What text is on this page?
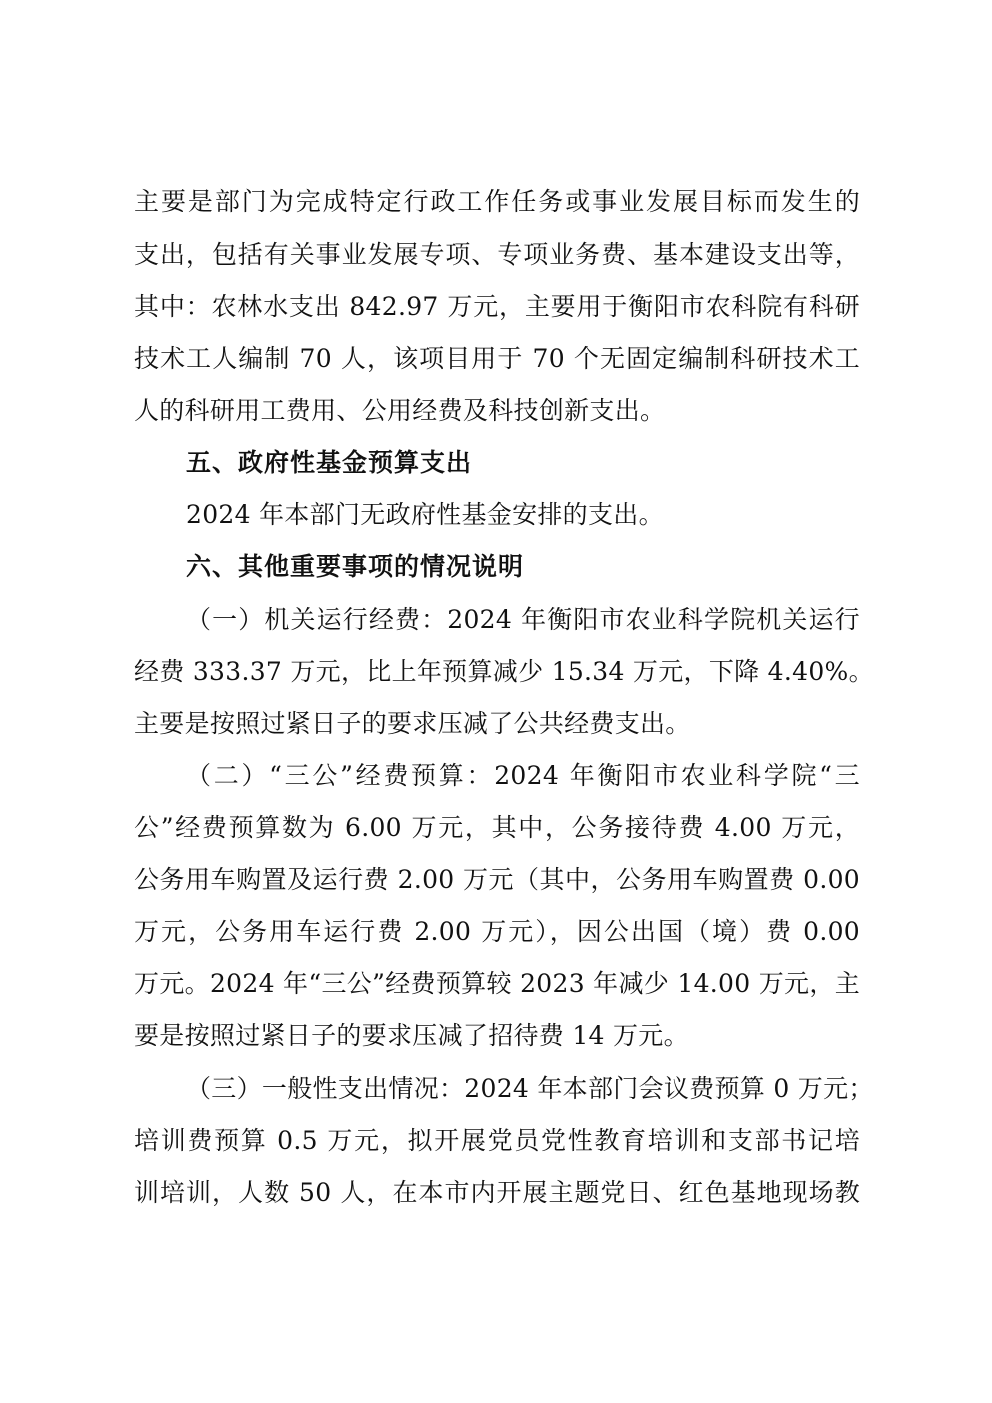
主要是部门为完成特定行政工作任务或事业发展目标而发生的
支出，包括有关事业发展专项、专项业务费、基本建设支出等，
其中：农林水支出 842.97 万元，主要用于衡阳市农科院有科研
技术工人编制 70 人，该项目用于 70 个无固定编制科研技术工
人的科研用工费用、公用经费及科技创新支出。
五、政府性基金预算支出
2024 年本部门无政府性基金安排的支出。
六、其他重要事项的情况说明
（一）机关运行经费：2024 年衡阳市农业科学院机关运行
经费 333.37 万元，比上年预算减少 15.34 万元，下降 4.40%。
主要是按照过紧日子的要求压减了公共经费支出。
（二）“三公”经费预算：2024 年衡阳市农业科学院“三
公”经费预算数为 6.00 万元，其中，公务接待费 4.00 万元，
公务用车购置及运行费 2.00 万元（其中，公务用车购置费 0.00
万元，公务用车运行费 2.00 万元），因公出国（境）费 0.00
万元。2024 年“三公”经费预算较 2023 年减少 14.00 万元，主
要是按照过紧日子的要求压减了招待费 14 万元。
（三）一般性支出情况：2024 年本部门会议费预算 0 万元；
培训费预算 0.5 万元，拟开展党员党性教育培训和支部书记培
训培训，人数 50 人，在本市内开展主题党日、红色基地现场教
